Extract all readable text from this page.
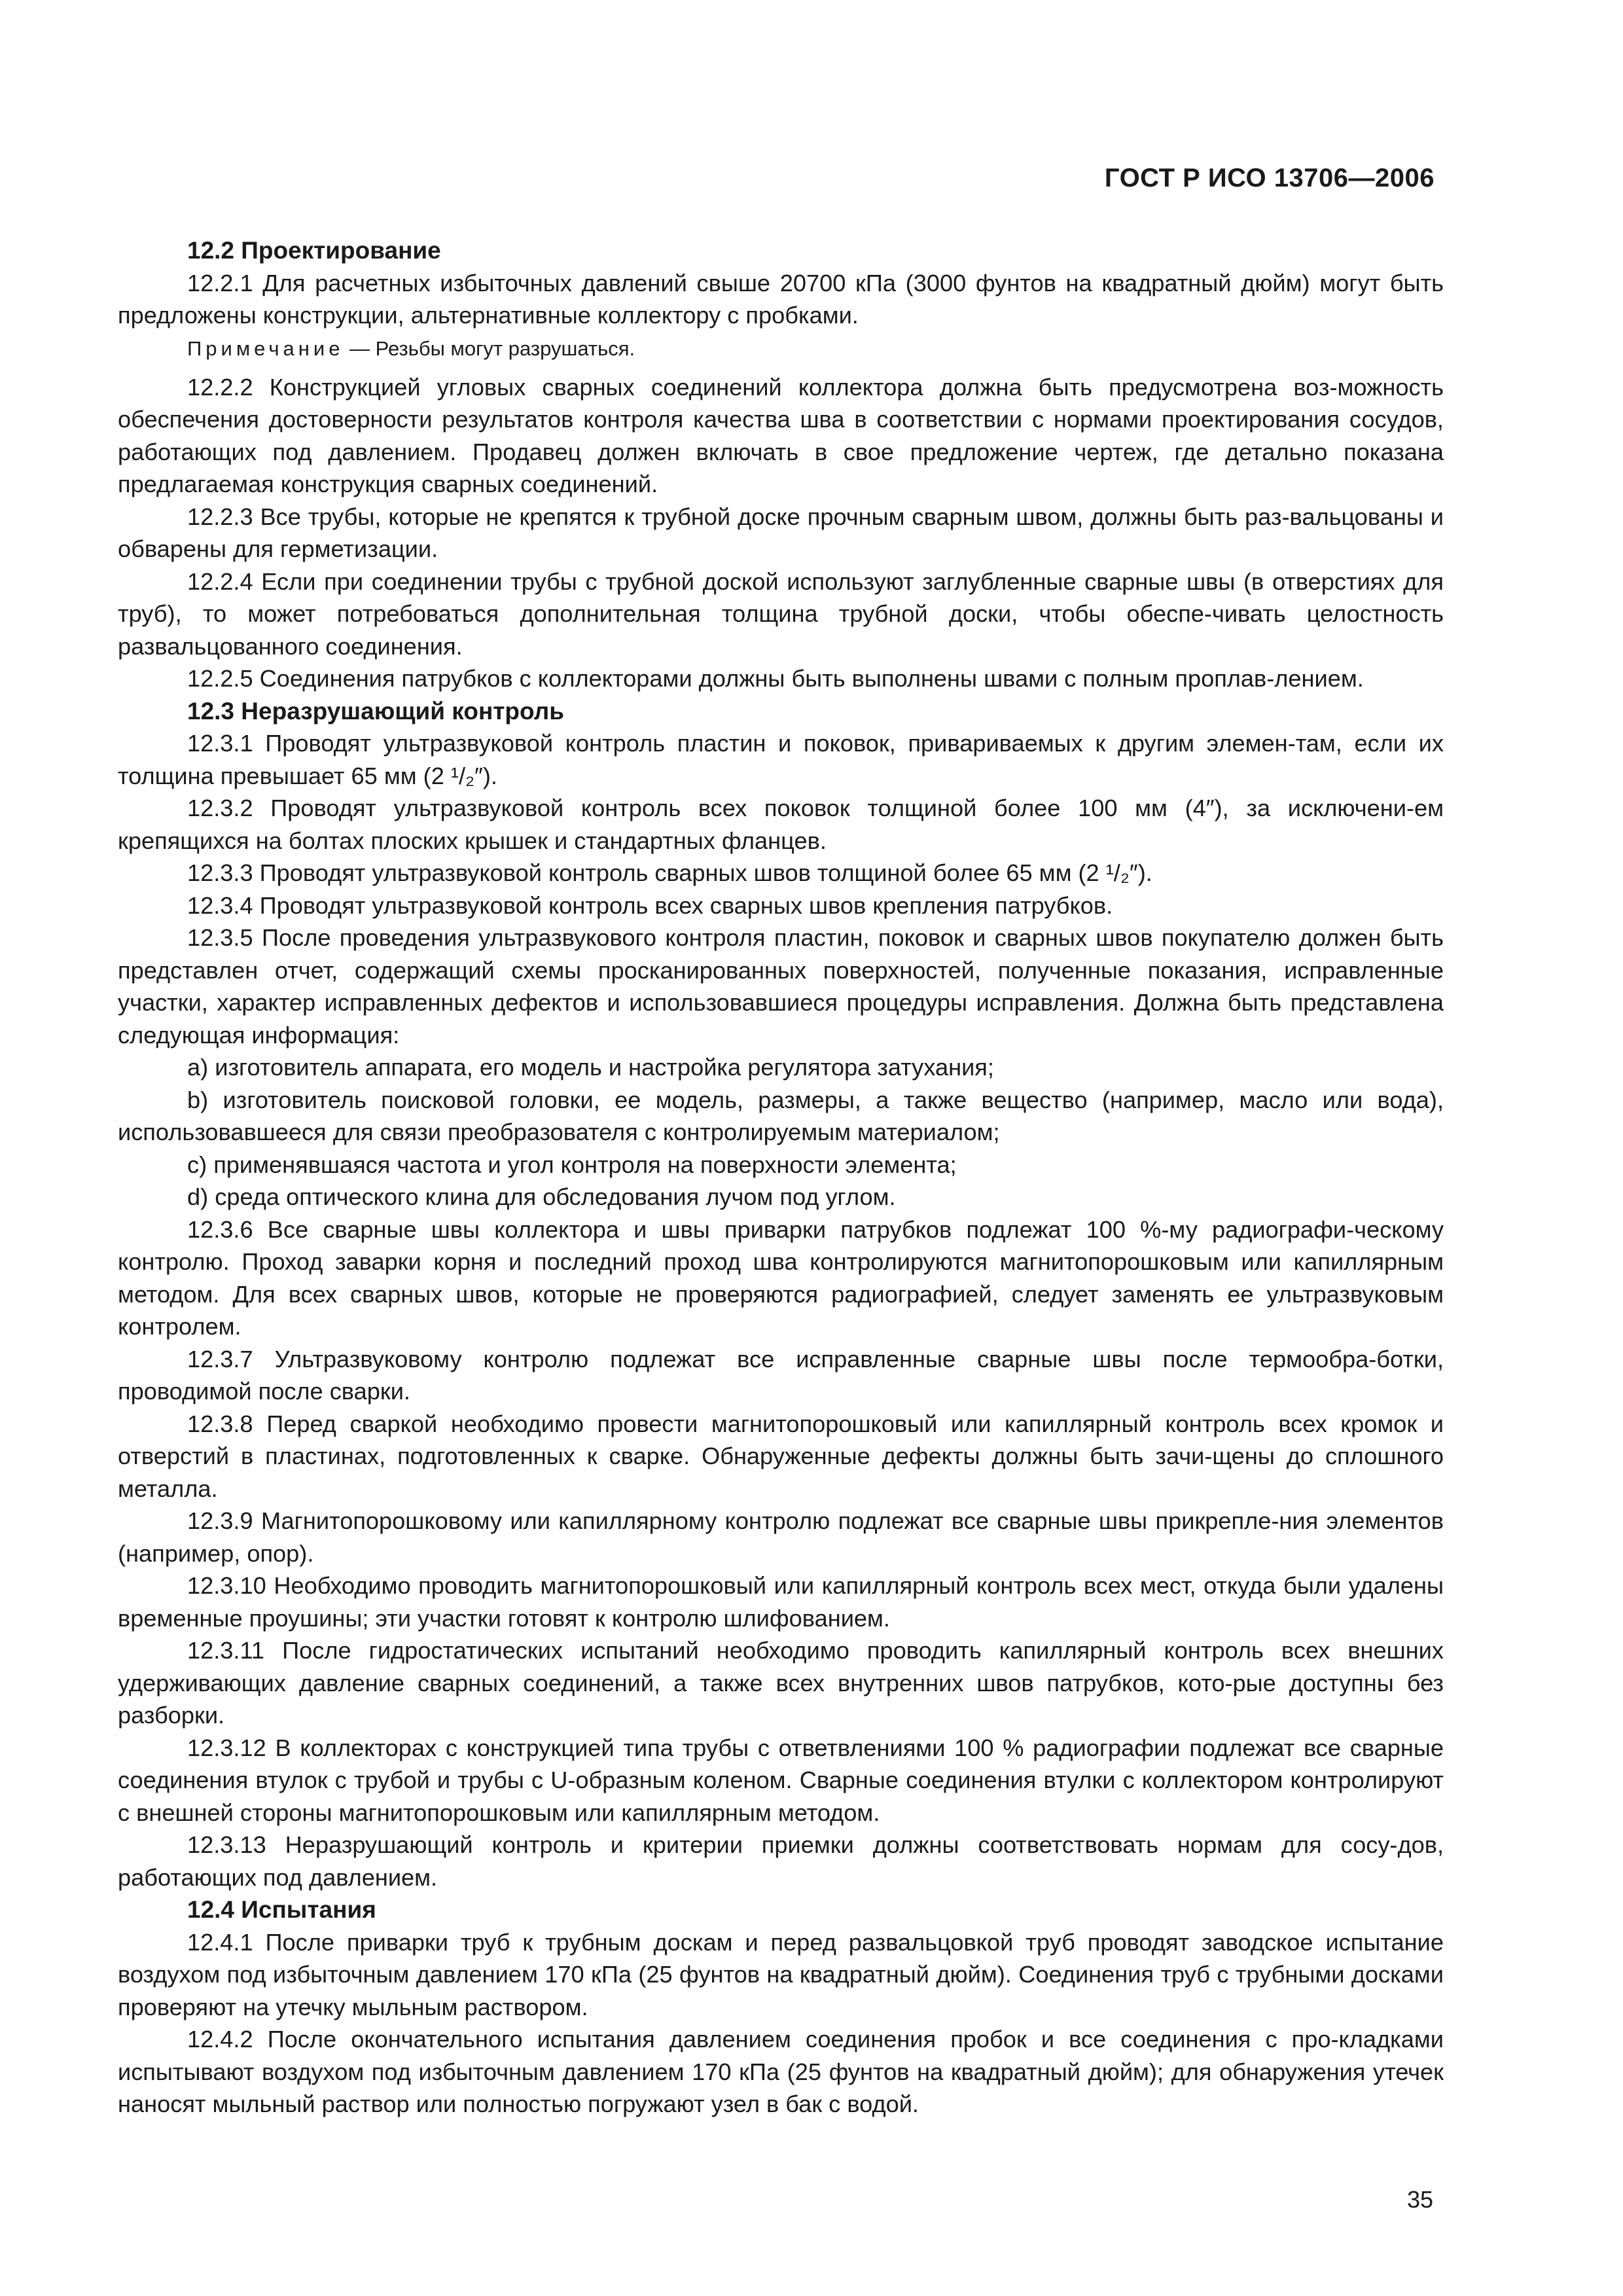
ГОСТ Р ИСО 13706—2006

12.2 Проектирование

12.2.1 Для расчетных избыточных давлений свыше 20700 кПа (3000 фунтов на квадратный дюйм) могут быть предложены конструкции, альтернативные коллектору с пробками.

Примечание — Резьбы могут разрушаться.

12.2.2 Конструкцией угловых сварных соединений коллектора должна быть предусмотрена воз-можность обеспечения достоверности результатов контроля качества шва в соответствии с нормами проектирования сосудов, работающих под давлением. Продавец должен включать в свое предложение чертеж, где детально показана предлагаемая конструкция сварных соединений.

12.2.3 Все трубы, которые не крепятся к трубной доске прочным сварным швом, должны быть раз-вальцованы и обварены для герметизации.

12.2.4 Если при соединении трубы с трубной доской используют заглубленные сварные швы (в отверстиях для труб), то может потребоваться дополнительная толщина трубной доски, чтобы обеспе-чивать целостность развальцованного соединения.

12.2.5 Соединения патрубков с коллекторами должны быть выполнены швами с полным проплав-лением.

12.3 Неразрушающий контроль

12.3.1 Проводят ультразвуковой контроль пластин и поковок, привариваемых к другим элемен-там, если их толщина превышает 65 мм (2 ¹/₂″).

12.3.2 Проводят ультразвуковой контроль всех поковок толщиной более 100 мм (4″), за исключени-ем крепящихся на болтах плоских крышек и стандартных фланцев.

12.3.3 Проводят ультразвуковой контроль сварных швов толщиной более 65 мм (2 ¹/₂″).

12.3.4 Проводят ультразвуковой контроль всех сварных швов крепления патрубков.

12.3.5 После проведения ультразвукового контроля пластин, поковок и сварных швов покупателю должен быть представлен отчет, содержащий схемы просканированных поверхностей, полученные показания, исправленные участки, характер исправленных дефектов и использовавшиеся процедуры исправления. Должна быть представлена следующая информация:

a) изготовитель аппарата, его модель и настройка регулятора затухания;

b) изготовитель поисковой головки, ее модель, размеры, а также вещество (например, масло или вода), использовавшееся для связи преобразователя с контролируемым материалом;

c) применявшаяся частота и угол контроля на поверхности элемента;

d) среда оптического клина для обследования лучом под углом.

12.3.6 Все сварные швы коллектора и швы приварки патрубков подлежат 100 %-му радиографи-ческому контролю. Проход заварки корня и последний проход шва контролируются магнитопорошковым или капиллярным методом. Для всех сварных швов, которые не проверяются радиографией, следует заменять ее ультразвуковым контролем.

12.3.7 Ультразвуковому контролю подлежат все исправленные сварные швы после термообра-ботки, проводимой после сварки.

12.3.8 Перед сваркой необходимо провести магнитопорошковый или капиллярный контроль всех кромок и отверстий в пластинах, подготовленных к сварке. Обнаруженные дефекты должны быть зачи-щены до сплошного металла.

12.3.9 Магнитопорошковому или капиллярному контролю подлежат все сварные швы прикрепле-ния элементов (например, опор).

12.3.10 Необходимо проводить магнитопорошковый или капиллярный контроль всех мест, откуда были удалены временные проушины; эти участки готовят к контролю шлифованием.

12.3.11 После гидростатических испытаний необходимо проводить капиллярный контроль всех внешних удерживающих давление сварных соединений, а также всех внутренних швов патрубков, кото-рые доступны без разборки.

12.3.12 В коллекторах с конструкцией типа трубы с ответвлениями 100 % радиографии подлежат все сварные соединения втулок с трубой и трубы с U-образным коленом. Сварные соединения втулки с коллектором контролируют с внешней стороны магнитопорошковым или капиллярным методом.

12.3.13 Неразрушающий контроль и критерии приемки должны соответствовать нормам для сосу-дов, работающих под давлением.

12.4 Испытания

12.4.1 После приварки труб к трубным доскам и перед развальцовкой труб проводят заводское испытание воздухом под избыточным давлением 170 кПа (25 фунтов на квадратный дюйм). Соединения труб с трубными досками проверяют на утечку мыльным раствором.

12.4.2 После окончательного испытания давлением соединения пробок и все соединения с про-кладками испытывают воздухом под избыточным давлением 170 кПа (25 фунтов на квадратный дюйм); для обнаружения утечек наносят мыльный раствор или полностью погружают узел в бак с водой.

35
